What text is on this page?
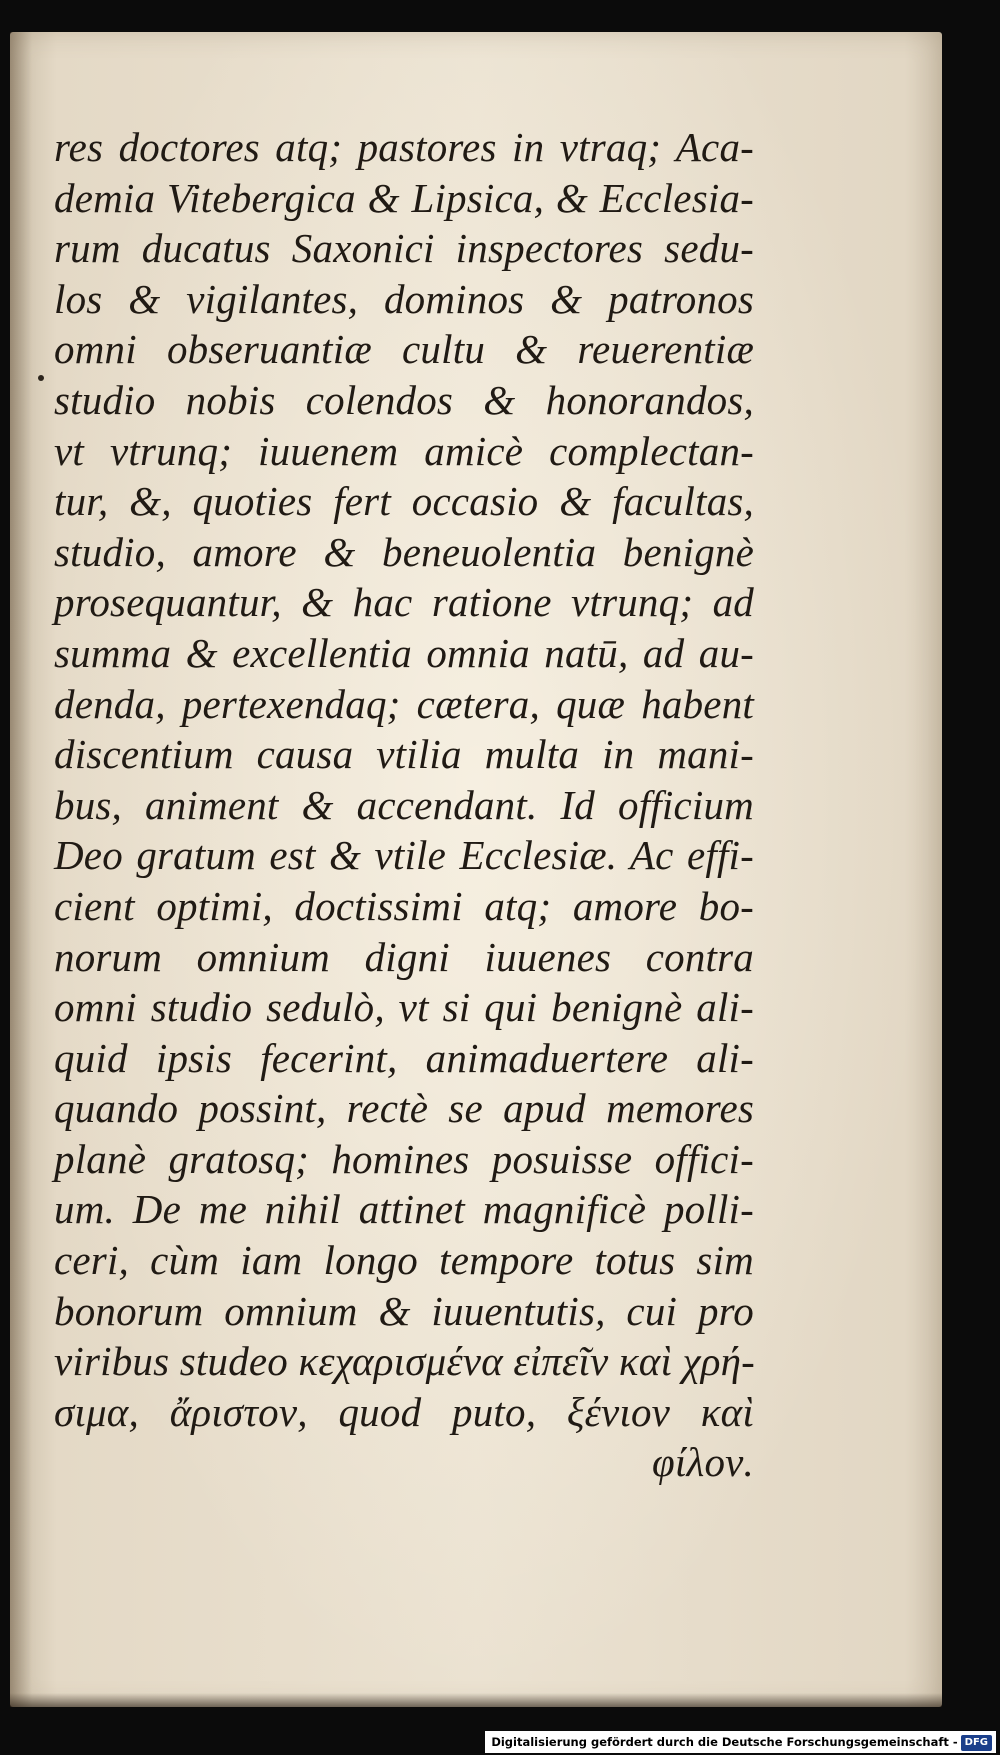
res doctores atq; pastores in vtraq; Aca-
demia Vitebergica & Lipsica, & Ecclesia-
rum ducatus Saxonici inspectores sedu-
los & vigilantes, dominos & patronos
omni obseruantiæ cultu & reuerentiæ
studio nobis colendos & honorandos,
vt vtrunq; iuuenem amicè complectan-
tur, &, quoties fert occasio & facultas,
studio, amore & beneuolentia benignè
prosequantur, & hac ratione vtrunq; ad
summa & excellentia omnia natū, ad au-
denda, pertexendaq; cætera, quæ habent
discentium causa vtilia multa in mani-
bus, animent & accendant. Id officium
Deo gratum est & vtile Ecclesiæ. Ac effi-
cient optimi, doctissimi atq; amore bo-
norum omnium digni iuuenes contra
omni studio sedulò, vt si qui benignè ali-
quid ipsis fecerint, animaduertere ali-
quando possint, rectè se apud memores
planè gratosq; homines posuisse offici-
um. De me nihil attinet magnificè polli-
ceri, cùm iam longo tempore totus sim
bonorum omnium & iuuentutis, cui pro
viribus studeo κεχαρισμένα εἰπεῖν καὶ χρή-
σιμα, ἄριστον, quod puto, ξένιον καὶ
φίλον.
Digitalisierung gefördert durch die Deutsche Forschungsgemeinschaft - DFG
